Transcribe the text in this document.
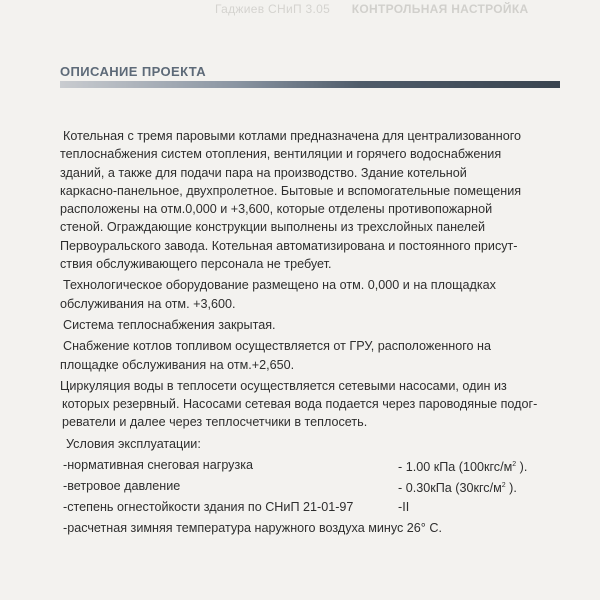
Гаджиев СНиП 3.05 КОНТРОЛЬНАЯ НАСТРОЙКА
ОПИСАНИЕ ПРОЕКТА
Котельная с тремя паровыми котлами предназначена для централизованного
теплоснабжения систем отопления, вентиляции и горячего водоснабжения
зданий, а также для подачи пара на производство. Здание котельной
каркасно-панельное, двухпролетное. Бытовые и вспомогательные помещения
расположены на отм.0,000 и +3,600, которые отделены противопожарной
стеной. Ограждающие конструкции выполнены из трехслойных панелей
Первоуральского завода. Котельная автоматизирована и постоянного присут-
ствия обслуживающего персонала не требует.
Технологическое оборудование размещено на отм. 0,000 и на площадках
обслуживания на отм. +3,600.
Система теплоснабжения закрытая.
Снабжение котлов топливом осуществляется от ГРУ, расположенного на
площадке обслуживания на отм.+2,650.
Циркуляция воды в теплосети осуществляется сетевыми насосами, один из
которых резервный. Насосами сетевая вода подается через пароводяные подог-
реватели и далее через теплосчетчики в теплосеть.
Условия эксплуатации:
-нормативная снеговая нагрузка	- 1.00 кПа ($100кгс/м^2$ ).
-ветровое давление	- 0.30кПа ($30кгс/м^2$ ).
-степень огнестойкости здания по СНиП 21-01-97	-II
-расчетная зимняя температура наружного воздуха минус 26° С.
